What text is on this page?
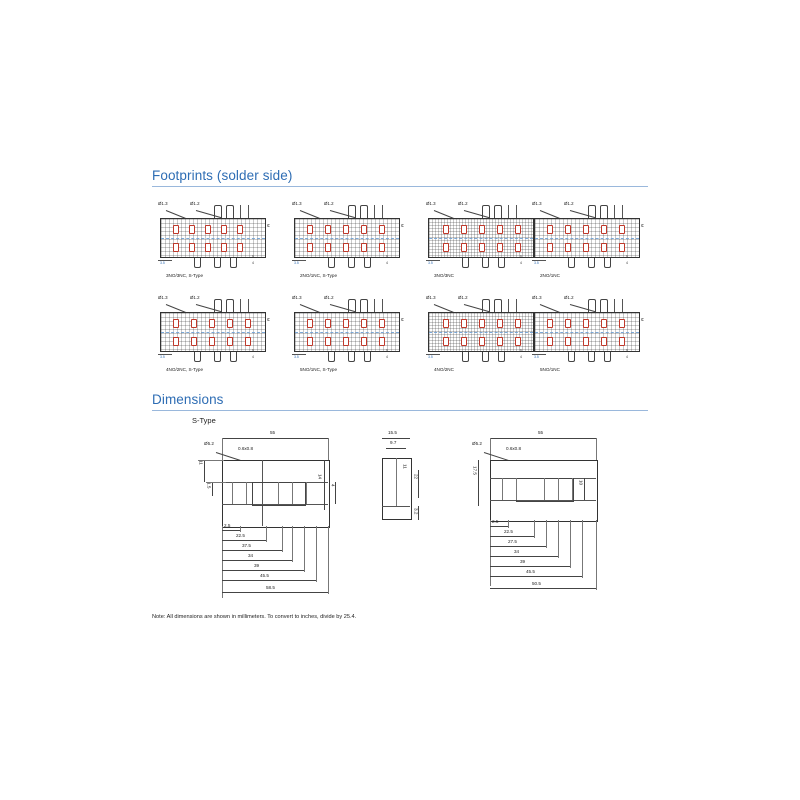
Footprints (solder side)
Ø1.3	Ø1.2
M
3.5
5
4
3NO/3NC, S-Type
Ø1.3	Ø1.2
M
3.5
5
4
2NO/1NC, S-Type
Ø1.3	Ø1.2
3.5
5
4
3NO/3NC
Ø1.3	Ø1.2
M
3.5
5
4
2NO/1NC
Ø1.3	Ø1.2
M
3.5
5
4
4NO/2NC, S-Type
Ø1.3	Ø1.2
M
3.5
5
4
5NO/1NC, S-Type
Ø1.3	Ø1.2
3.5
5
4
4NO/2NC
Ø1.3	Ø1.2
M
3.5
5
4
5NO/1NC
Dimensions
S-Type
55
Ø5.2
0.6x0.8
11
1.5	4
14
2.5
22.5
37.5
34
39
45.5
58.5
15.5
9.7
11
22
3.2
55
Ø5.2
0.6x0.8
17.5
10
2.5
22.5
27.5
34
39
45.5
50.5
Note: All dimensions are shown in millimeters. To convert to inches, divide by 25.4.
